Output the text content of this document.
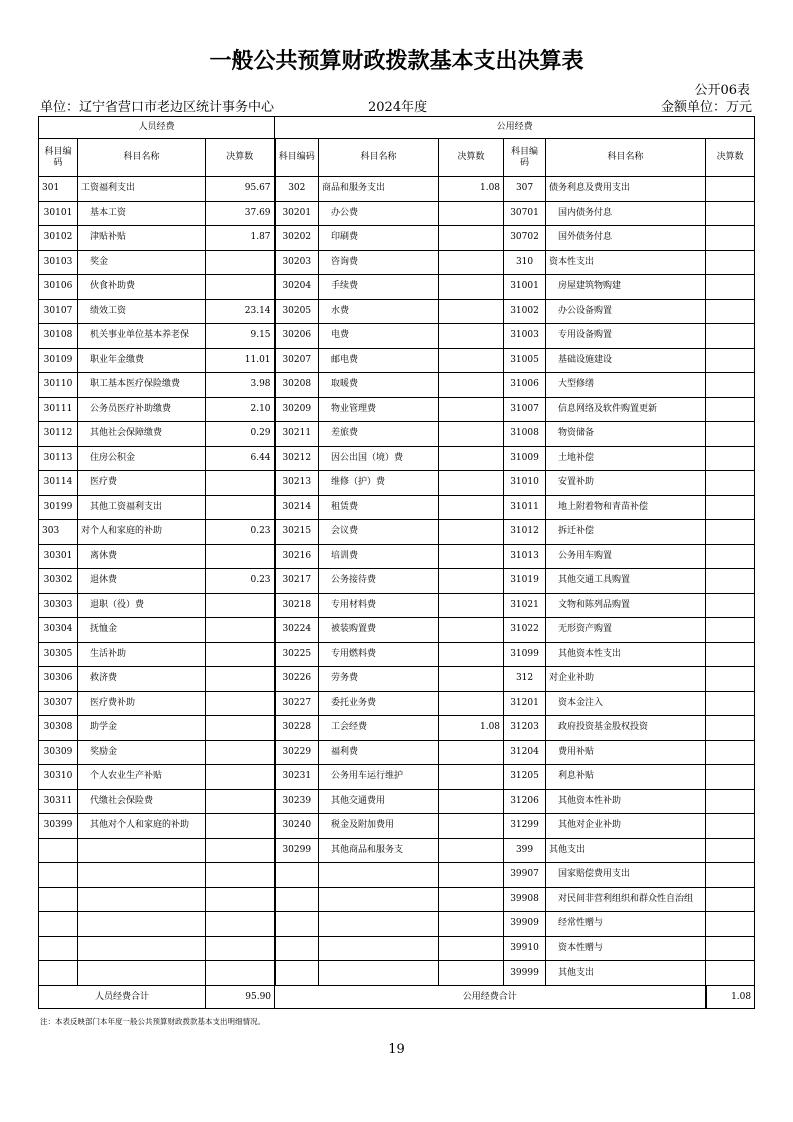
一般公共预算财政拨款基本支出决算表
公开06表
单位：辽宁省营口市老边区统计事务中心	2024年度	金额单位：万元
人员经费			公用经费					
科目编码	科目名称	决算数	科目编码	科目名称	决算数	科目编码	科目名称	决算数
301	工资福利支出	95.67	302	商品和服务支出	1.08	307	债务利息及费用支出	
30101	基本工资	37.69	30201	办公费		30701	国内债务付息	
30102	津贴补贴	1.87	30202	印刷费		30702	国外债务付息	
30103	奖金		30203	咨询费		310	资本性支出	
30106	伙食补助费		30204	手续费		31001	房屋建筑物购建	
30107	绩效工资	23.14	30205	水费		31002	办公设备购置	
30108	机关事业单位基本养老保	9.15	30206	电费		31003	专用设备购置	
30109	职业年金缴费	11.01	30207	邮电费		31005	基础设施建设	
30110	职工基本医疗保险缴费	3.98	30208	取暖费		31006	大型修缮	
30111	公务员医疗补助缴费	2.10	30209	物业管理费		31007	信息网络及软件购置更新	
30112	其他社会保障缴费	0.29	30211	差旅费		31008	物资储备	
30113	住房公积金	6.44	30212	因公出国（境）费		31009	土地补偿	
30114	医疗费		30213	维修（护）费		31010	安置补助	
30199	其他工资福利支出		30214	租赁费		31011	地上附着物和青苗补偿	
303	对个人和家庭的补助	0.23	30215	会议费		31012	拆迁补偿	
30301	离休费		30216	培训费		31013	公务用车购置	
30302	退休费	0.23	30217	公务接待费		31019	其他交通工具购置	
30303	退职（役）费		30218	专用材料费		31021	文物和陈列品购置	
30304	抚恤金		30224	被装购置费		31022	无形资产购置	
30305	生活补助		30225	专用燃料费		31099	其他资本性支出	
30306	救济费		30226	劳务费		312	对企业补助	
30307	医疗费补助		30227	委托业务费		31201	资本金注入	
30308	助学金		30228	工会经费	1.08	31203	政府投资基金股权投资	
30309	奖励金		30229	福利费		31204	费用补贴	
30310	个人农业生产补贴		30231	公务用车运行维护		31205	利息补贴	
30311	代缴社会保险费		30239	其他交通费用		31206	其他资本性补助	
30399	其他对个人和家庭的补助		30240	税金及附加费用		31299	其他对企业补助	
			30299	其他商品和服务支		399	其他支出	
						39907	国家赔偿费用支出	
						39908	对民间非营利组织和群众性自治组	
						39909	经常性赠与	
						39910	资本性赠与	
						39999	其他支出	
人员经费合计		95.90	公用经费合计					1.08
注：本表反映部门本年度一般公共预算财政拨款基本支出明细情况。
19
